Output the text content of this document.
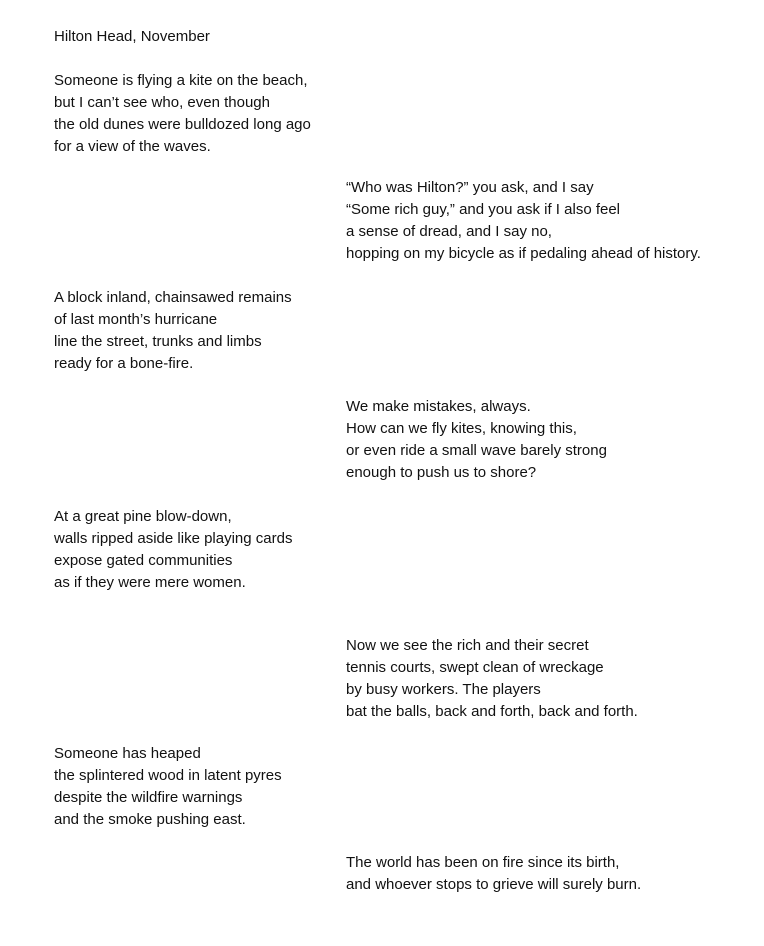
Hilton Head, November
Someone is flying a kite on the beach,
but I can’t see who, even though
the old dunes were bulldozed long ago
for a view of the waves.
“Who was Hilton?” you ask, and I say
“Some rich guy,” and you ask if I also feel
a sense of dread, and I say no,
hopping on my bicycle as if pedaling ahead of history.
A block inland, chainsawed remains
of last month’s hurricane
line the street, trunks and limbs
ready for a bone-fire.
We make mistakes, always.
How can we fly kites, knowing this,
or even ride a small wave barely strong
enough to push us to shore?
At a great pine blow-down,
walls ripped aside like playing cards
expose gated communities
as if they were mere women.
Now we see the rich and their secret
tennis courts, swept clean of wreckage
by busy workers. The players
bat the balls, back and forth, back and forth.
Someone has heaped
the splintered wood in latent pyres
despite the wildfire warnings
and the smoke pushing east.
The world has been on fire since its birth,
and whoever stops to grieve will surely burn.
